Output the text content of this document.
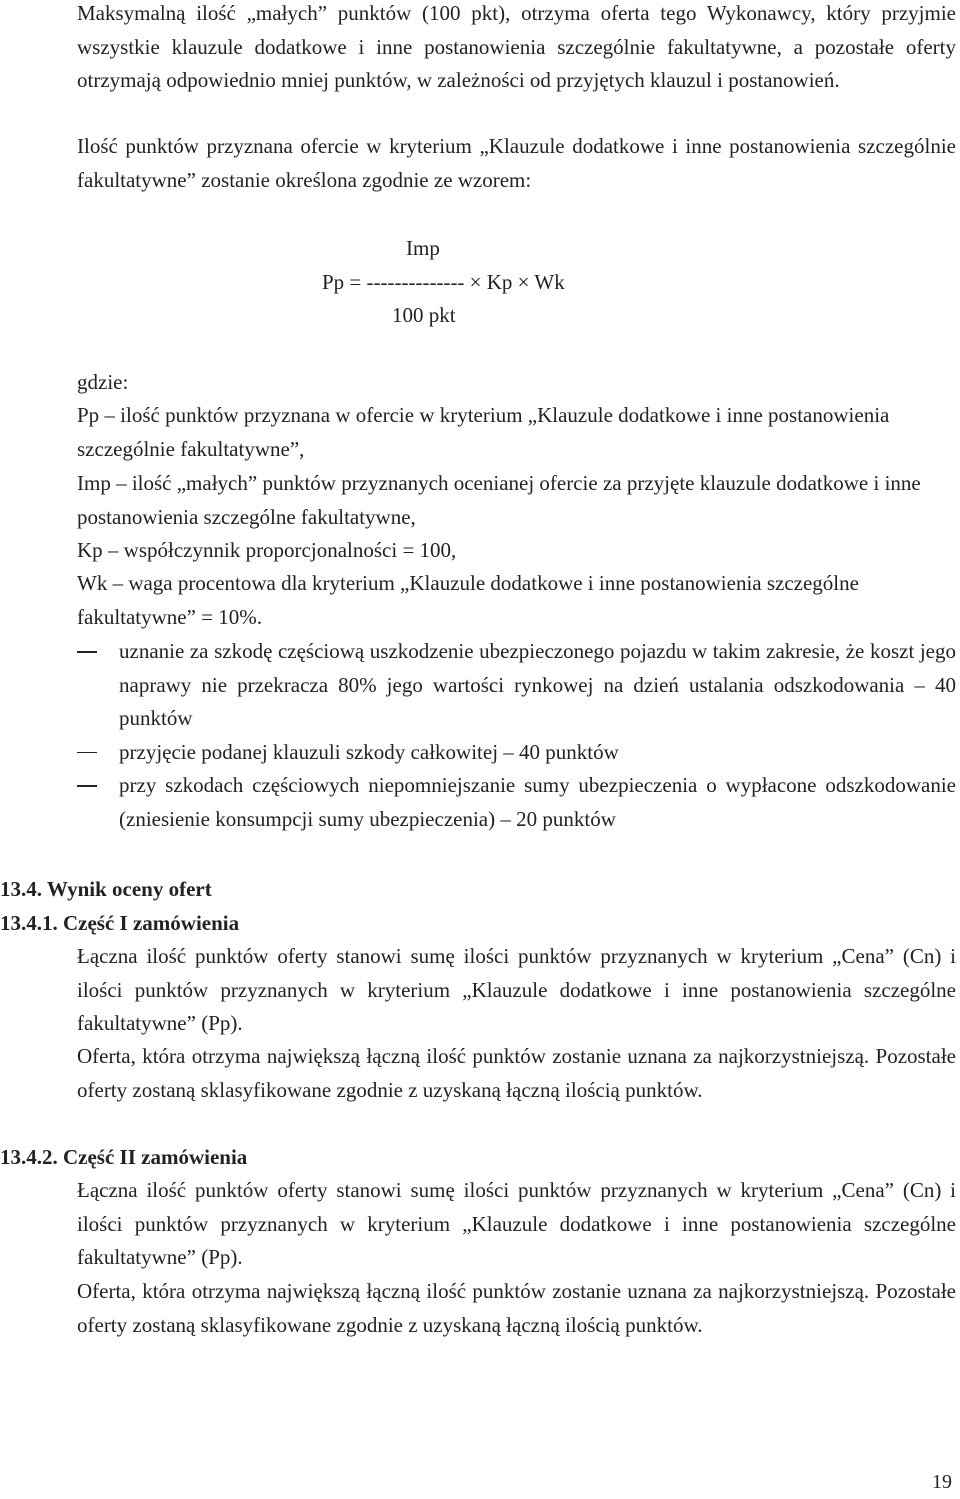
Maksymalną ilość „małych” punktów (100 pkt), otrzyma oferta tego Wykonawcy, który przyjmie wszystkie klauzule dodatkowe i inne postanowienia szczególnie fakultatywne, a pozostałe oferty otrzymają odpowiednio mniej punktów, w zależności od przyjętych klauzul i postanowień.

Ilość punktów przyznana ofercie w kryterium „Klauzule dodatkowe i inne postanowienia szczególnie fakultatywne” zostanie określona zgodnie ze wzorem:

Imp
Pp = -------------- × Kp × Wk
100 pkt

gdzie:

Pp – ilość punktów przyznana w ofercie w kryterium „Klauzule dodatkowe i inne postanowienia szczególnie fakultatywne”,

Imp – ilość „małych” punktów przyznanych ocenianej ofercie za przyjęte klauzule dodatkowe i inne postanowienia szczególne fakultatywne,

Kp – współczynnik proporcjonalności = 100,

Wk – waga procentowa dla kryterium „Klauzule dodatkowe i inne postanowienia szczególne fakultatywne” = 10%.

uznanie za szkodę częściową uszkodzenie ubezpieczonego pojazdu w takim zakresie, że koszt jego naprawy nie przekracza 80% jego wartości rynkowej na dzień ustalania odszkodowania – 40 punktów
przyjęcie podanej klauzuli szkody całkowitej – 40 punktów
przy szkodach częściowych niepomniejszanie sumy ubezpieczenia o wypłacone odszkodowanie (zniesienie konsumpcji sumy ubezpieczenia) – 20 punktów

13.4. Wynik oceny ofert

13.4.1. Część I zamówienia

Łączna ilość punktów oferty stanowi sumę ilości punktów przyznanych w kryterium „Cena” (Cn) i ilości punktów przyznanych w kryterium „Klauzule dodatkowe i inne postanowienia szczególne fakultatywne” (Pp).

Oferta, która otrzyma największą łączną ilość punktów zostanie uznana za najkorzystniejszą. Pozostałe oferty zostaną sklasyfikowane zgodnie z uzyskaną łączną ilością punktów.

13.4.2. Część II zamówienia

Łączna ilość punktów oferty stanowi sumę ilości punktów przyznanych w kryterium „Cena” (Cn) i ilości punktów przyznanych w kryterium „Klauzule dodatkowe i inne postanowienia szczególne fakultatywne” (Pp).

Oferta, która otrzyma największą łączną ilość punktów zostanie uznana za najkorzystniejszą. Pozostałe oferty zostaną sklasyfikowane zgodnie z uzyskaną łączną ilością punktów.

19
